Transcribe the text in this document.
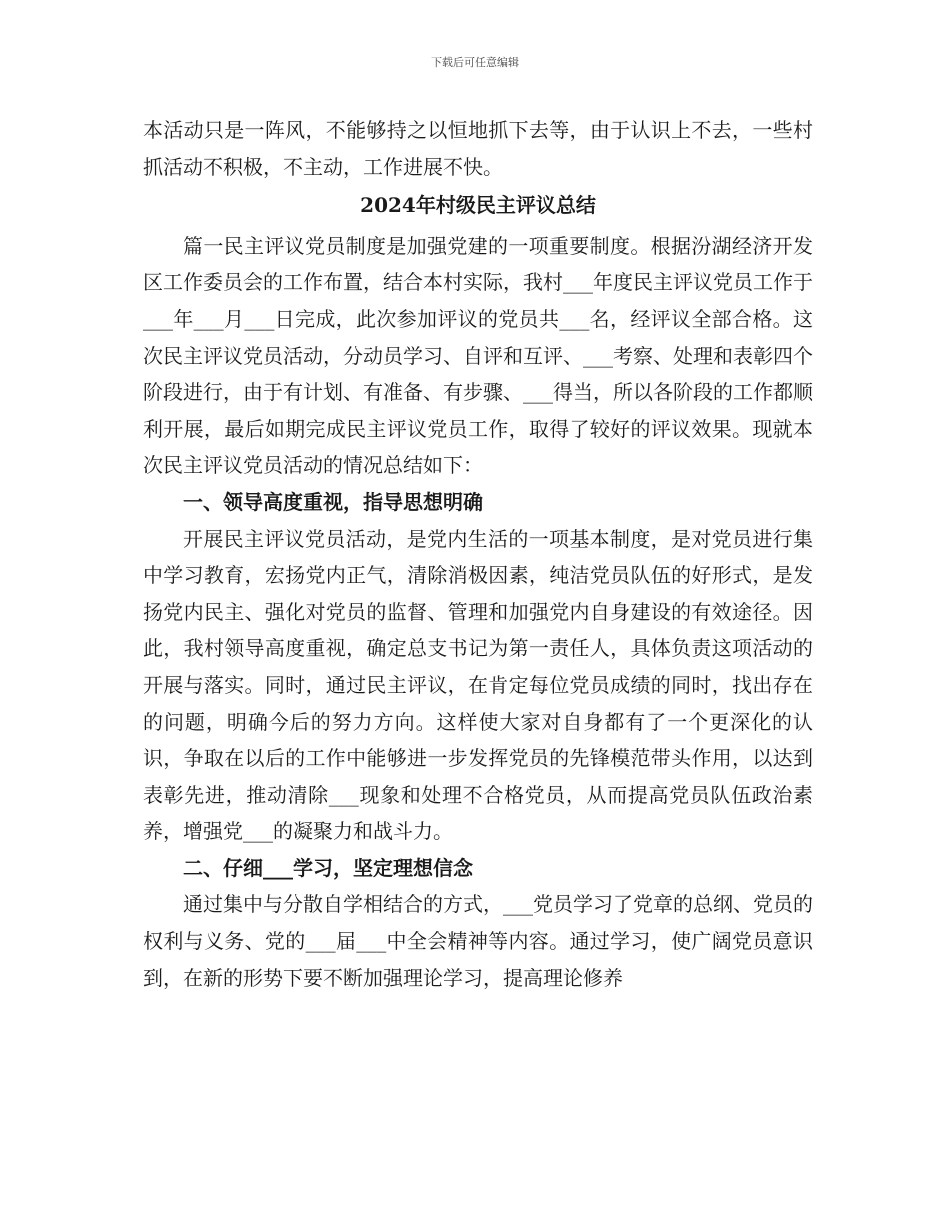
下载后可任意编辑

本活动只是一阵风，不能够持之以恒地抓下去等，由于认识上不去，一些村抓活动不积极，不主动，工作进展不快。

2024年村级民主评议总结

篇一民主评议党员制度是加强党建的一项重要制度。根据汾湖经济开发区工作委员会的工作布置，结合本村实际，我村___年度民主评议党员工作于___年___月___日完成，此次参加评议的党员共___名，经评议全部合格。这次民主评议党员活动，分动员学习、自评和互评、___考察、处理和表彰四个阶段进行，由于有计划、有准备、有步骤、___得当，所以各阶段的工作都顺利开展，最后如期完成民主评议党员工作，取得了较好的评议效果。现就本次民主评议党员活动的情况总结如下：

一、领导高度重视，指导思想明确

开展民主评议党员活动，是党内生活的一项基本制度，是对党员进行集中学习教育，宏扬党内正气，清除消极因素，纯洁党员队伍的好形式，是发扬党内民主、强化对党员的监督、管理和加强党内自身建设的有效途径。因此，我村领导高度重视，确定总支书记为第一责任人，具体负责这项活动的开展与落实。同时，通过民主评议，在肯定每位党员成绩的同时，找出存在的问题，明确今后的努力方向。这样使大家对自身都有了一个更深化的认识，争取在以后的工作中能够进一步发挥党员的先锋模范带头作用，以达到表彰先进，推动清除___现象和处理不合格党员，从而提高党员队伍政治素养，增强党___的凝聚力和战斗力。

二、仔细___学习，坚定理想信念

通过集中与分散自学相结合的方式，___党员学习了党章的总纲、党员的权利与义务、党的___届___中全会精神等内容。通过学习，使广阔党员意识到，在新的形势下要不断加强理论学习，提高理论修养
